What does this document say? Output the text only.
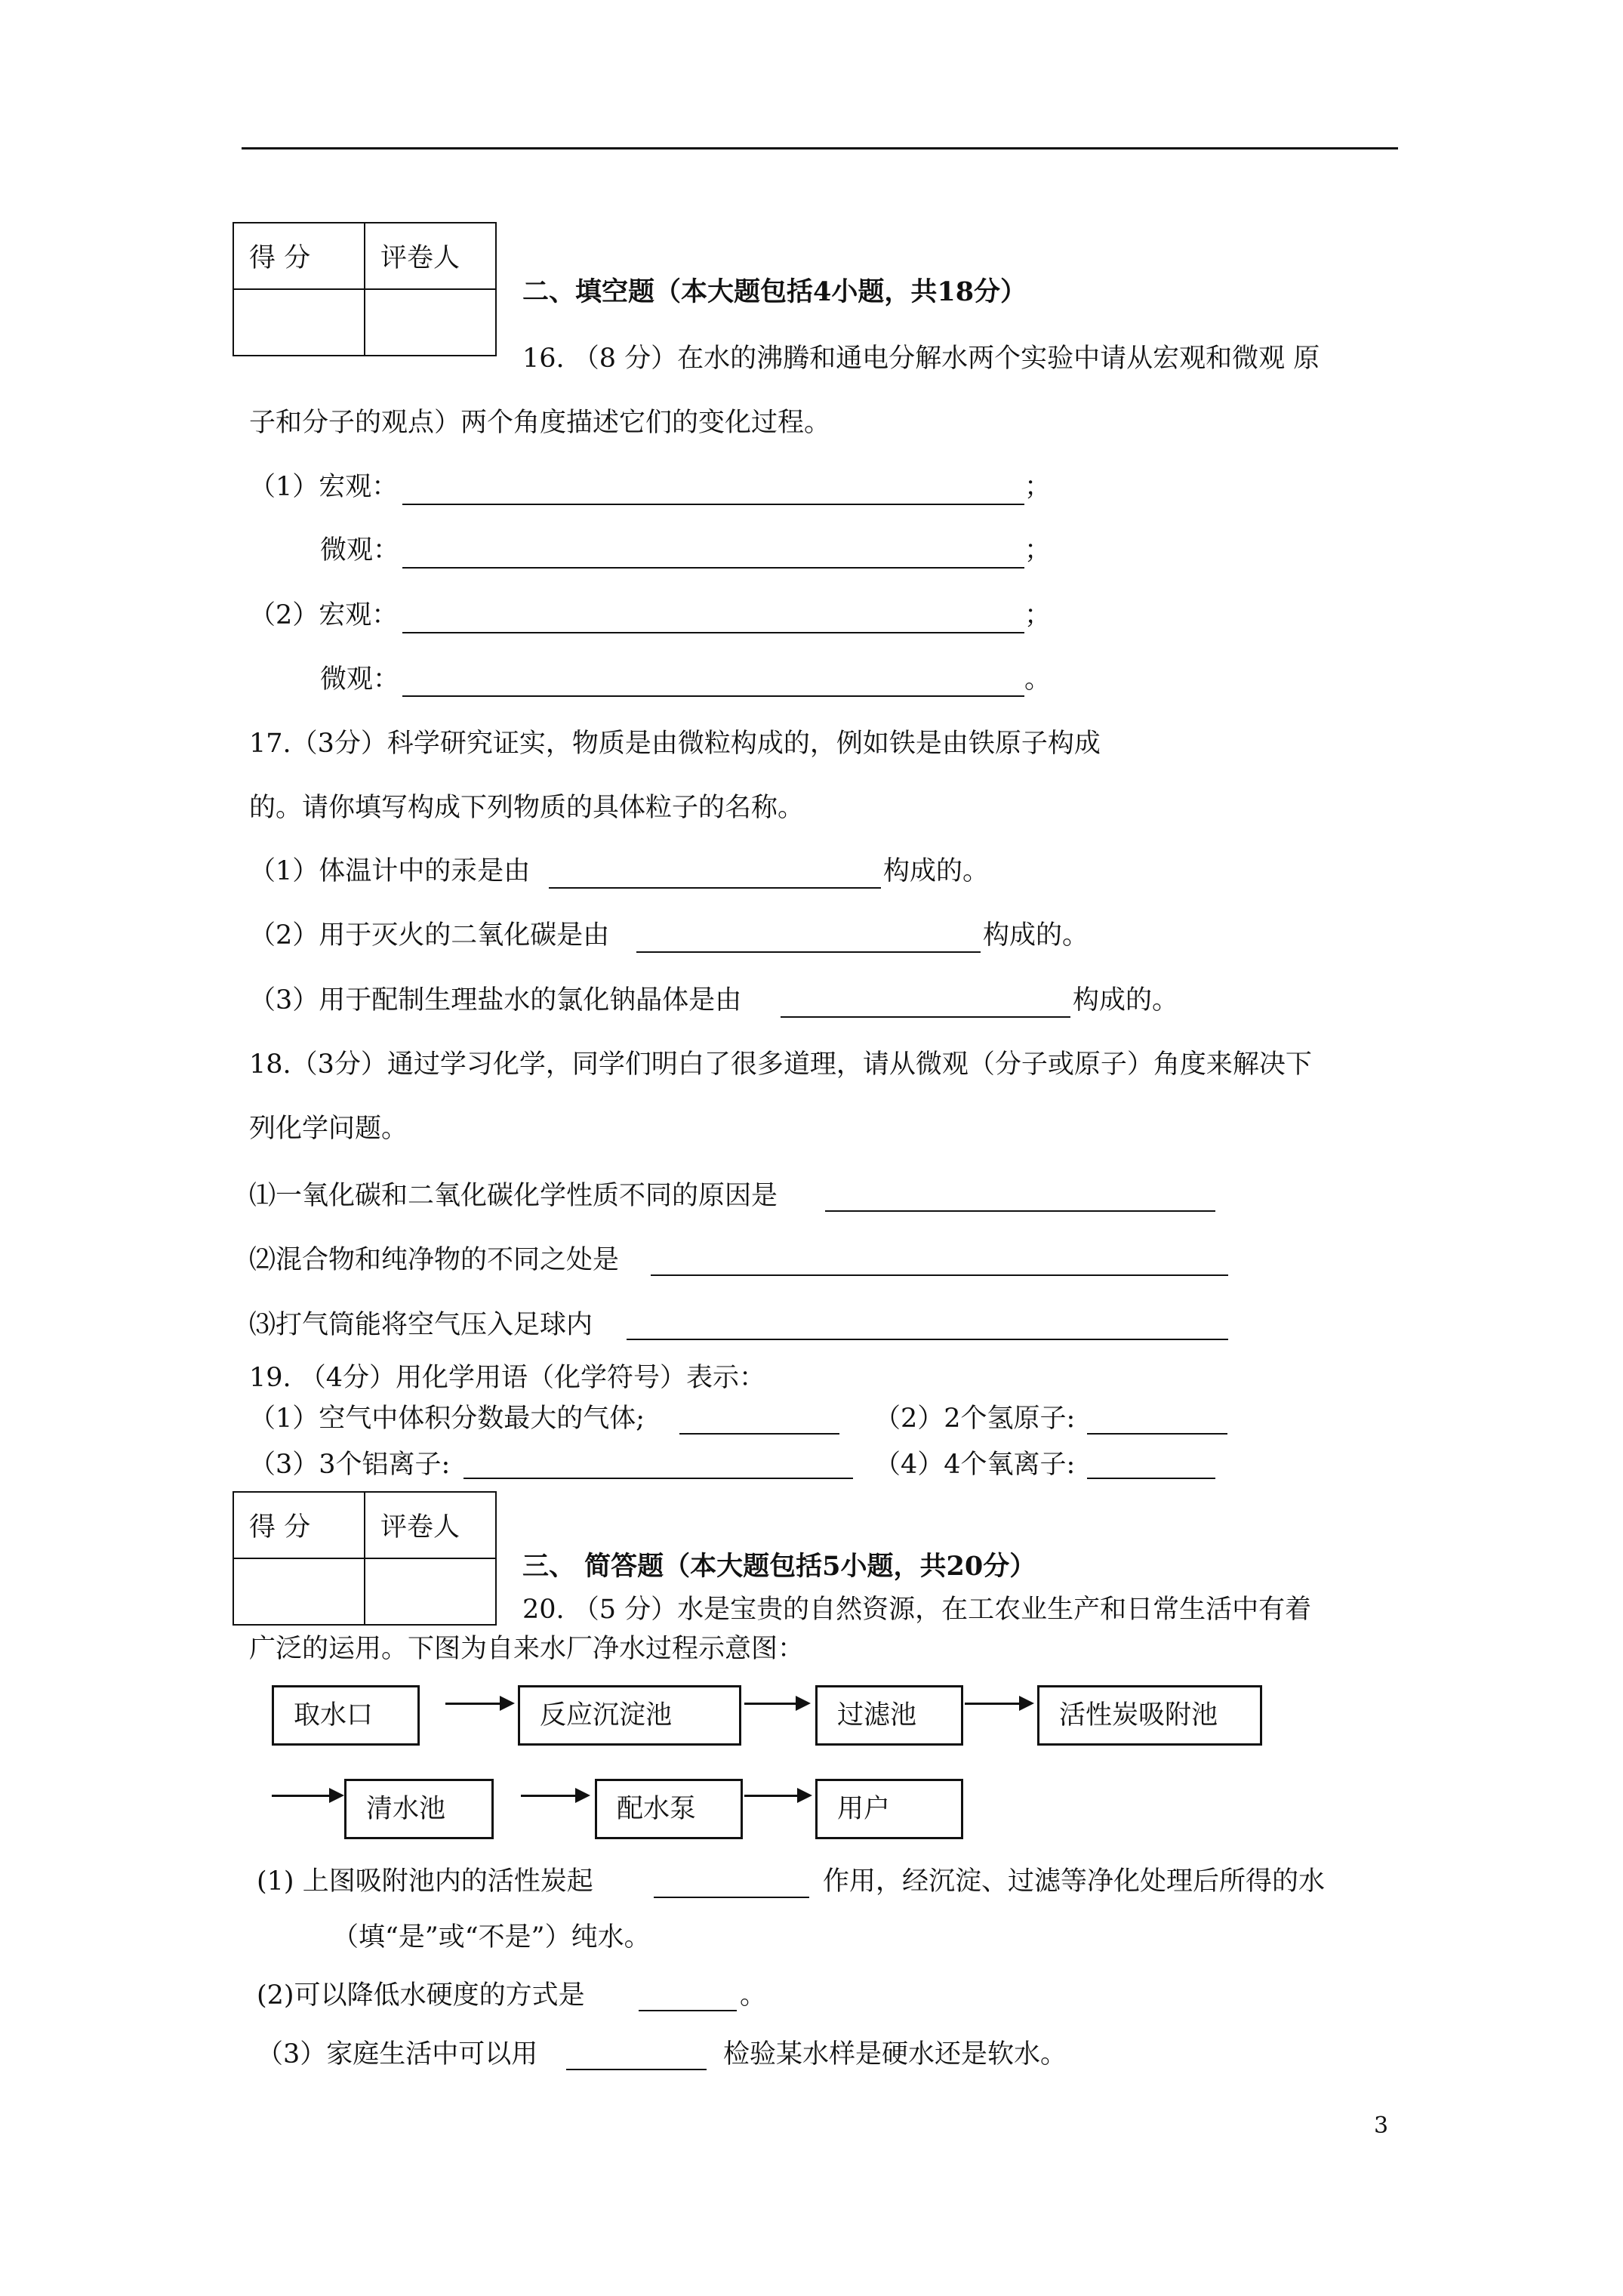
得 分	评卷人

二、填空题（本大题包括4小题，共18分）
16. （8 分）在水的沸腾和通电分解水两个实验中请从宏观和微观 原
子和分子的观点）两个角度描述它们的变化过程。
（1）宏观：	；
微观：	；
（2）宏观：	；
微观：	。
17.（3分）科学研究证实，物质是由微粒构成的，例如铁是由铁原子构成
的。请你填写构成下列物质的具体粒子的名称。
（1）体温计中的汞是由	构成的。
（2）用于灭火的二氧化碳是由	构成的。
（3）用于配制生理盐水的氯化钠晶体是由	构成的。
18.（3分）通过学习化学，同学们明白了很多道理，请从微观（分子或原子）角度来解决下
列化学问题。
⑴一氧化碳和二氧化碳化学性质不同的原因是
⑵混合物和纯净物的不同之处是
⑶打气筒能将空气压入足球内
19. （4分）用化学用语（化学符号）表示：
（1）空气中体积分数最大的气体;	（2）2个氢原子:
（3）3个铝离子:	（4）4个氧离子:
得 分	评卷人

三、 简答题（本大题包括5小题，共20分）
20. （5 分）水是宝贵的自然资源，在工农业生产和日常生活中有着
广泛的运用。下图为自来水厂净水过程示意图：
取水口	反应沉淀池	过滤池	活性炭吸附池
清水池	配水泵	用户
(1) 上图吸附池内的活性炭起	作用，经沉淀、过滤等净化处理后所得的水
（填“是”或“不是”）纯水。
(2)可以降低水硬度的方式是	。
（3）家庭生活中可以用	检验某水样是硬水还是软水。
3
